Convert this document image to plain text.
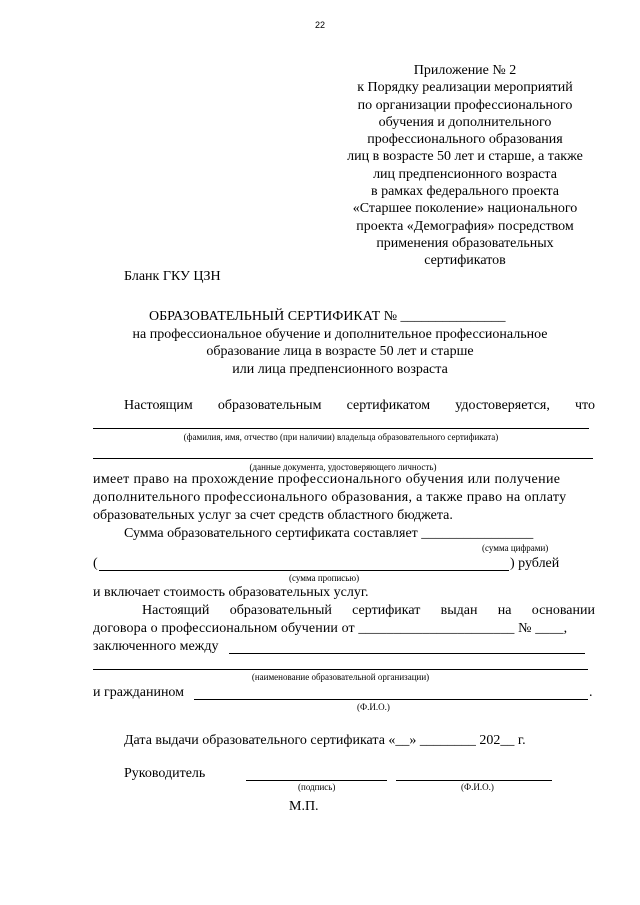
22
Приложение № 2
к Порядку реализации мероприятий
по организации профессионального
обучения и дополнительного
профессионального образования
лиц в возрасте 50 лет и старше, а также
лиц предпенсионного возраста
в рамках федерального проекта
«Старшее поколение» национального
проекта «Демография» посредством
применения образовательных
сертификатов
Бланк ГКУ ЦЗН
ОБРАЗОВАТЕЛЬНЫЙ СЕРТИФИКАТ № _______________
на профессиональное обучение и дополнительное профессиональное
образование лица в возрасте 50 лет и старше
или лица предпенсионного возраста
Настоящим образовательным сертификатом удостоверяется, что
(фамилия, имя, отчество (при наличии) владельца образовательного сертификата)
(данные документа, удостоверяющего личность)
имеет право на прохождение профессионального обучения или получение
дополнительного профессионального образования, а также право на оплату
образовательных услуг за счет средств областного бюджета.
Сумма образовательного сертификата составляет ________________
(сумма цифрами)
(	) рублей
(сумма прописью)
и включает стоимость образовательных услуг.
Настоящий образовательный сертификат выдан на основании
договора о профессиональном обучении от ______________________ № ____,
заключенного между
(наименование образовательной организации)
и гражданином	.
(Ф.И.О.)
Дата выдачи образовательного сертификата «__» ________ 202__ г.
Руководитель
(подпись)	(Ф.И.О.)
М.П.
